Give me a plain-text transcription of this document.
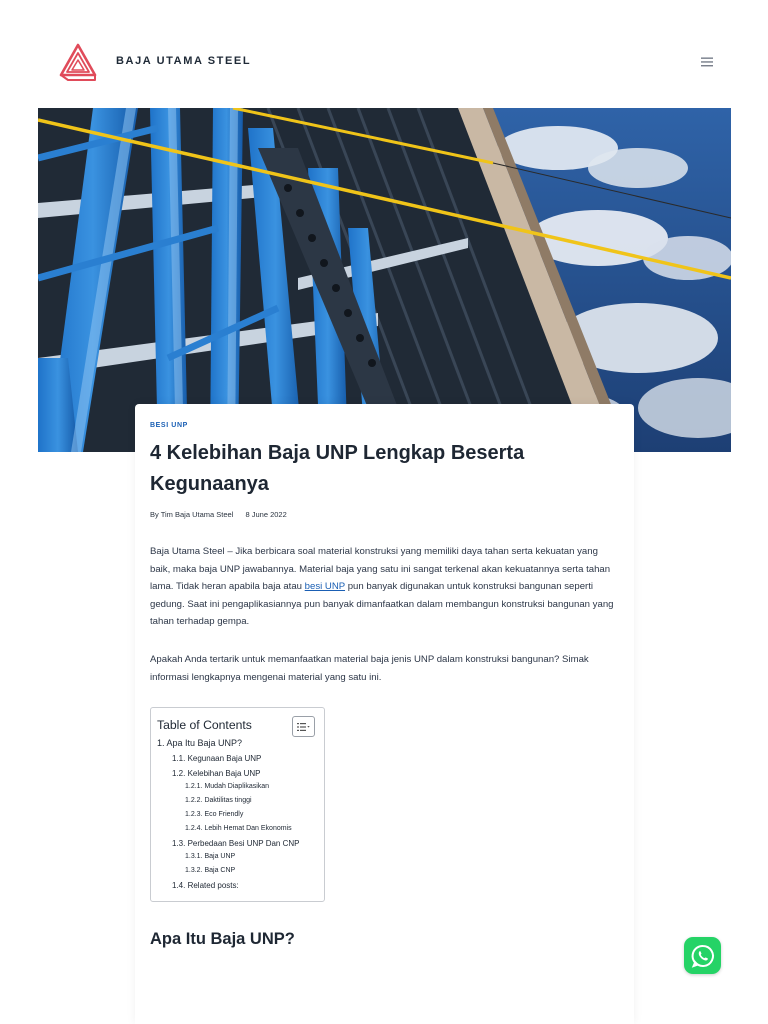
BAJA UTAMA STEEL
BESI UNP
4 Kelebihan Baja UNP Lengkap Beserta Kegunaanya
By Tim Baja Utama Steel 8 June 2022

Baja Utama Steel – Jika berbicara soal material konstruksi yang memiliki daya tahan serta kekuatan yang baik, maka baja UNP jawabannya. Material baja yang satu ini sangat terkenal akan kekuatannya serta tahan lama. Tidak heran apabila baja atau besi UNP pun banyak digunakan untuk konstruksi bangunan seperti gedung. Saat ini pengaplikasiannya pun banyak dimanfaatkan dalam membangun konstruksi bangunan yang tahan terhadap gempa.

Apakah Anda tertarik untuk memanfaatkan material baja jenis UNP dalam konstruksi bangunan? Simak informasi lengkapnya mengenai material yang satu ini.

Table of Contents
1. Apa Itu Baja UNP?
1.1. Kegunaan Baja UNP
1.2. Kelebihan Baja UNP
1.2.1. Mudah Diaplikasikan
1.2.2. Daktilitas tinggi
1.2.3. Eco Friendly
1.2.4. Lebih Hemat Dan Ekonomis
1.3. Perbedaan Besi UNP Dan CNP
1.3.1. Baja UNP
1.3.2. Baja CNP
1.4. Related posts:
Apa Itu Baja UNP?
